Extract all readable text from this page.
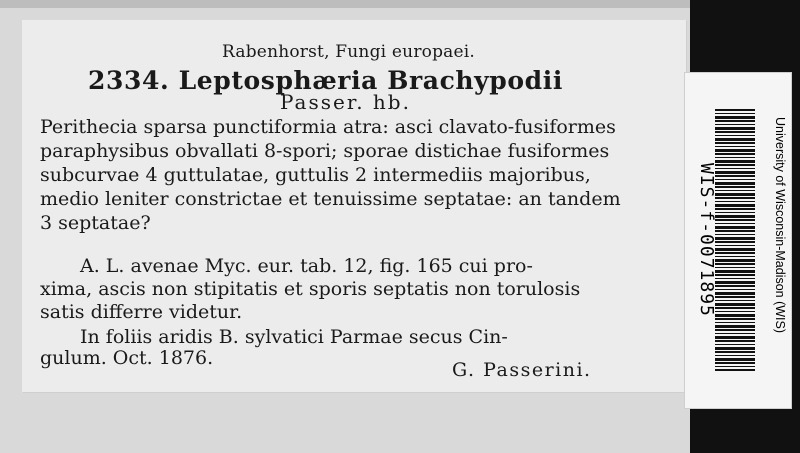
Rabenhorst, Fungi europaei.
2334. Leptosphæria Brachypodii
Passer. hb.
Perithecia sparsa punctiformia atra: asci clavato-fusiformes
paraphysibus obvallati 8-spori; sporae distichae fusiformes
subcurvae 4 guttulatae, guttulis 2 intermediis majoribus,
medio leniter constrictae et tenuissime septatae: an tandem
3 septatae?
A. L. avenae Myc. eur. tab. 12, fig. 165 cui pro-
xima, ascis non stipitatis et sporis septatis non torulosis
satis differre videtur.
In foliis aridis B. sylvatici Parmae secus Cin-
gulum. Oct. 1876.
G. Passerini.
WIS-f-0071895	University of Wisconsin-Madison (WIS)
